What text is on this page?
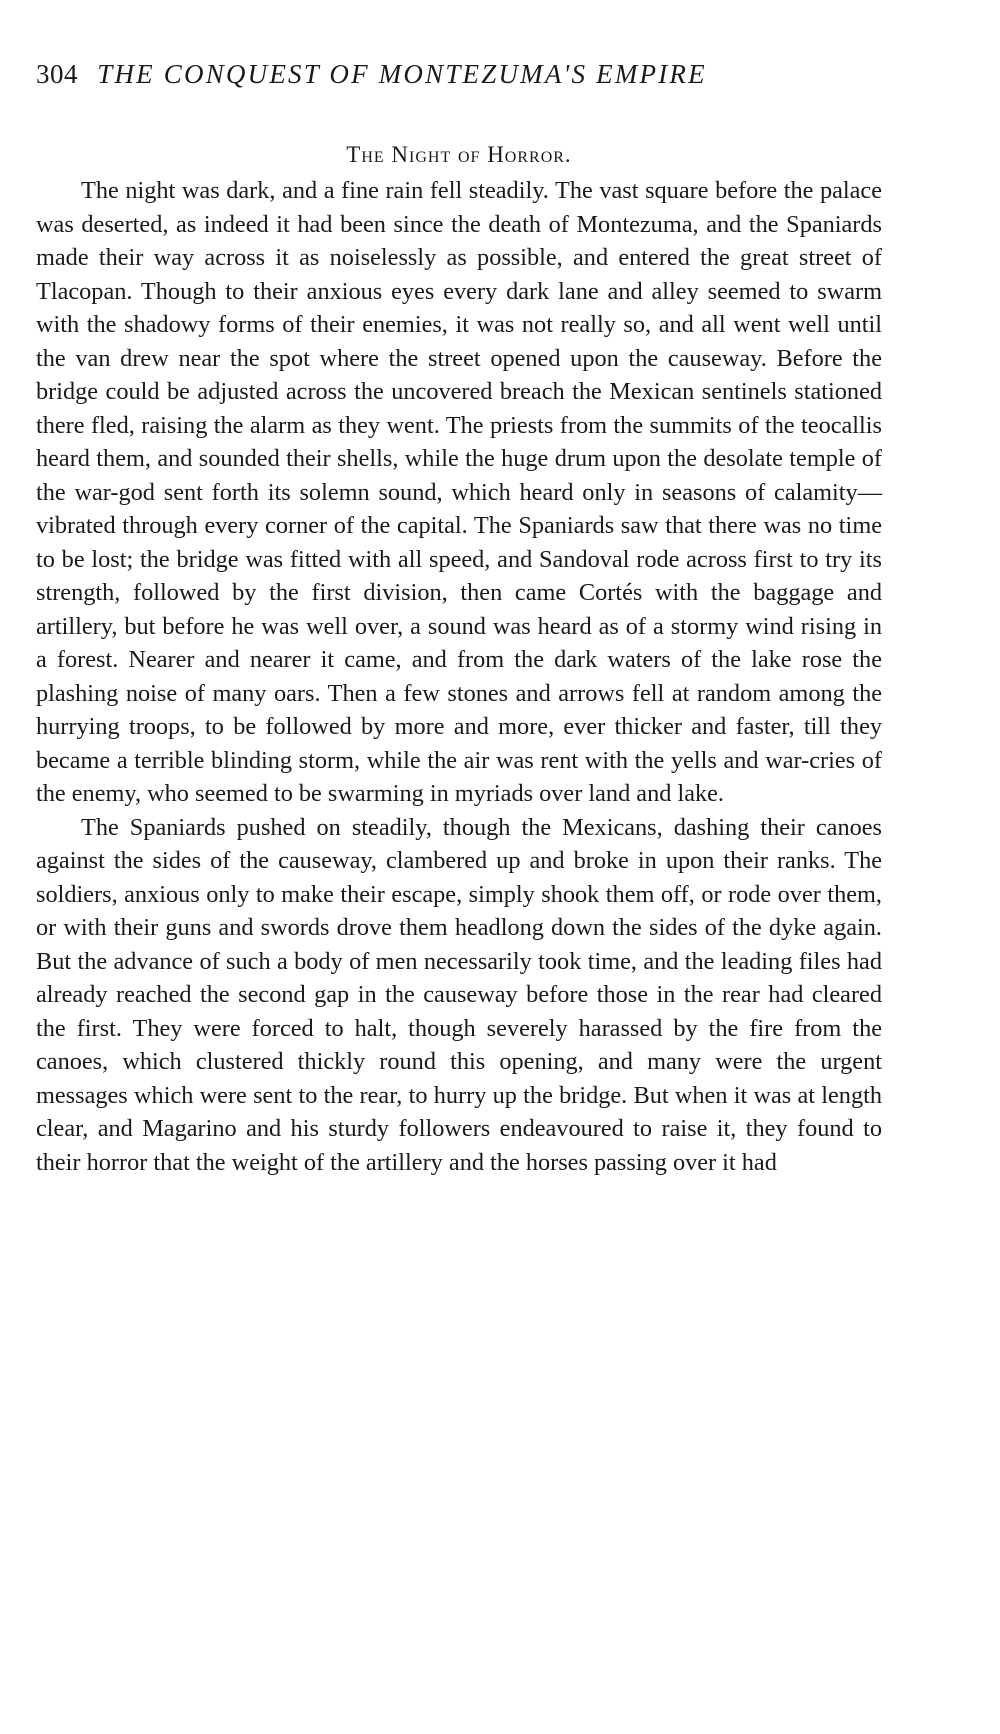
304 THE CONQUEST OF MONTEZUMA'S EMPIRE
The Night of Horror.

The night was dark, and a fine rain fell steadily. The vast square before the palace was deserted, as indeed it had been since the death of Montezuma, and the Spaniards made their way across it as noiselessly as possible, and entered the great street of Tlacopan. Though to their anxious eyes every dark lane and alley seemed to swarm with the shadowy forms of their enemies, it was not really so, and all went well until the van drew near the spot where the street opened upon the causeway. Before the bridge could be adjusted across the uncovered breach the Mexican sentinels stationed there fled, raising the alarm as they went. The priests from the summits of the teocallis heard them, and sounded their shells, while the huge drum upon the desolate temple of the war-god sent forth its solemn sound, which heard only in seasons of calamity—vibrated through every corner of the capital. The Spaniards saw that there was no time to be lost; the bridge was fitted with all speed, and Sandoval rode across first to try its strength, followed by the first division, then came Cortés with the baggage and artillery, but before he was well over, a sound was heard as of a stormy wind rising in a forest. Nearer and nearer it came, and from the dark waters of the lake rose the plashing noise of many oars. Then a few stones and arrows fell at random among the hurrying troops, to be followed by more and more, ever thicker and faster, till they became a terrible blinding storm, while the air was rent with the yells and war-cries of the enemy, who seemed to be swarming in myriads over land and lake.

The Spaniards pushed on steadily, though the Mexicans, dashing their canoes against the sides of the causeway, clambered up and broke in upon their ranks. The soldiers, anxious only to make their escape, simply shook them off, or rode over them, or with their guns and swords drove them headlong down the sides of the dyke again. But the advance of such a body of men necessarily took time, and the leading files had already reached the second gap in the causeway before those in the rear had cleared the first. They were forced to halt, though severely harassed by the fire from the canoes, which clustered thickly round this opening, and many were the urgent messages which were sent to the rear, to hurry up the bridge. But when it was at length clear, and Magarino and his sturdy followers endeavoured to raise it, they found to their horror that the weight of the artillery and the horses passing over it had
